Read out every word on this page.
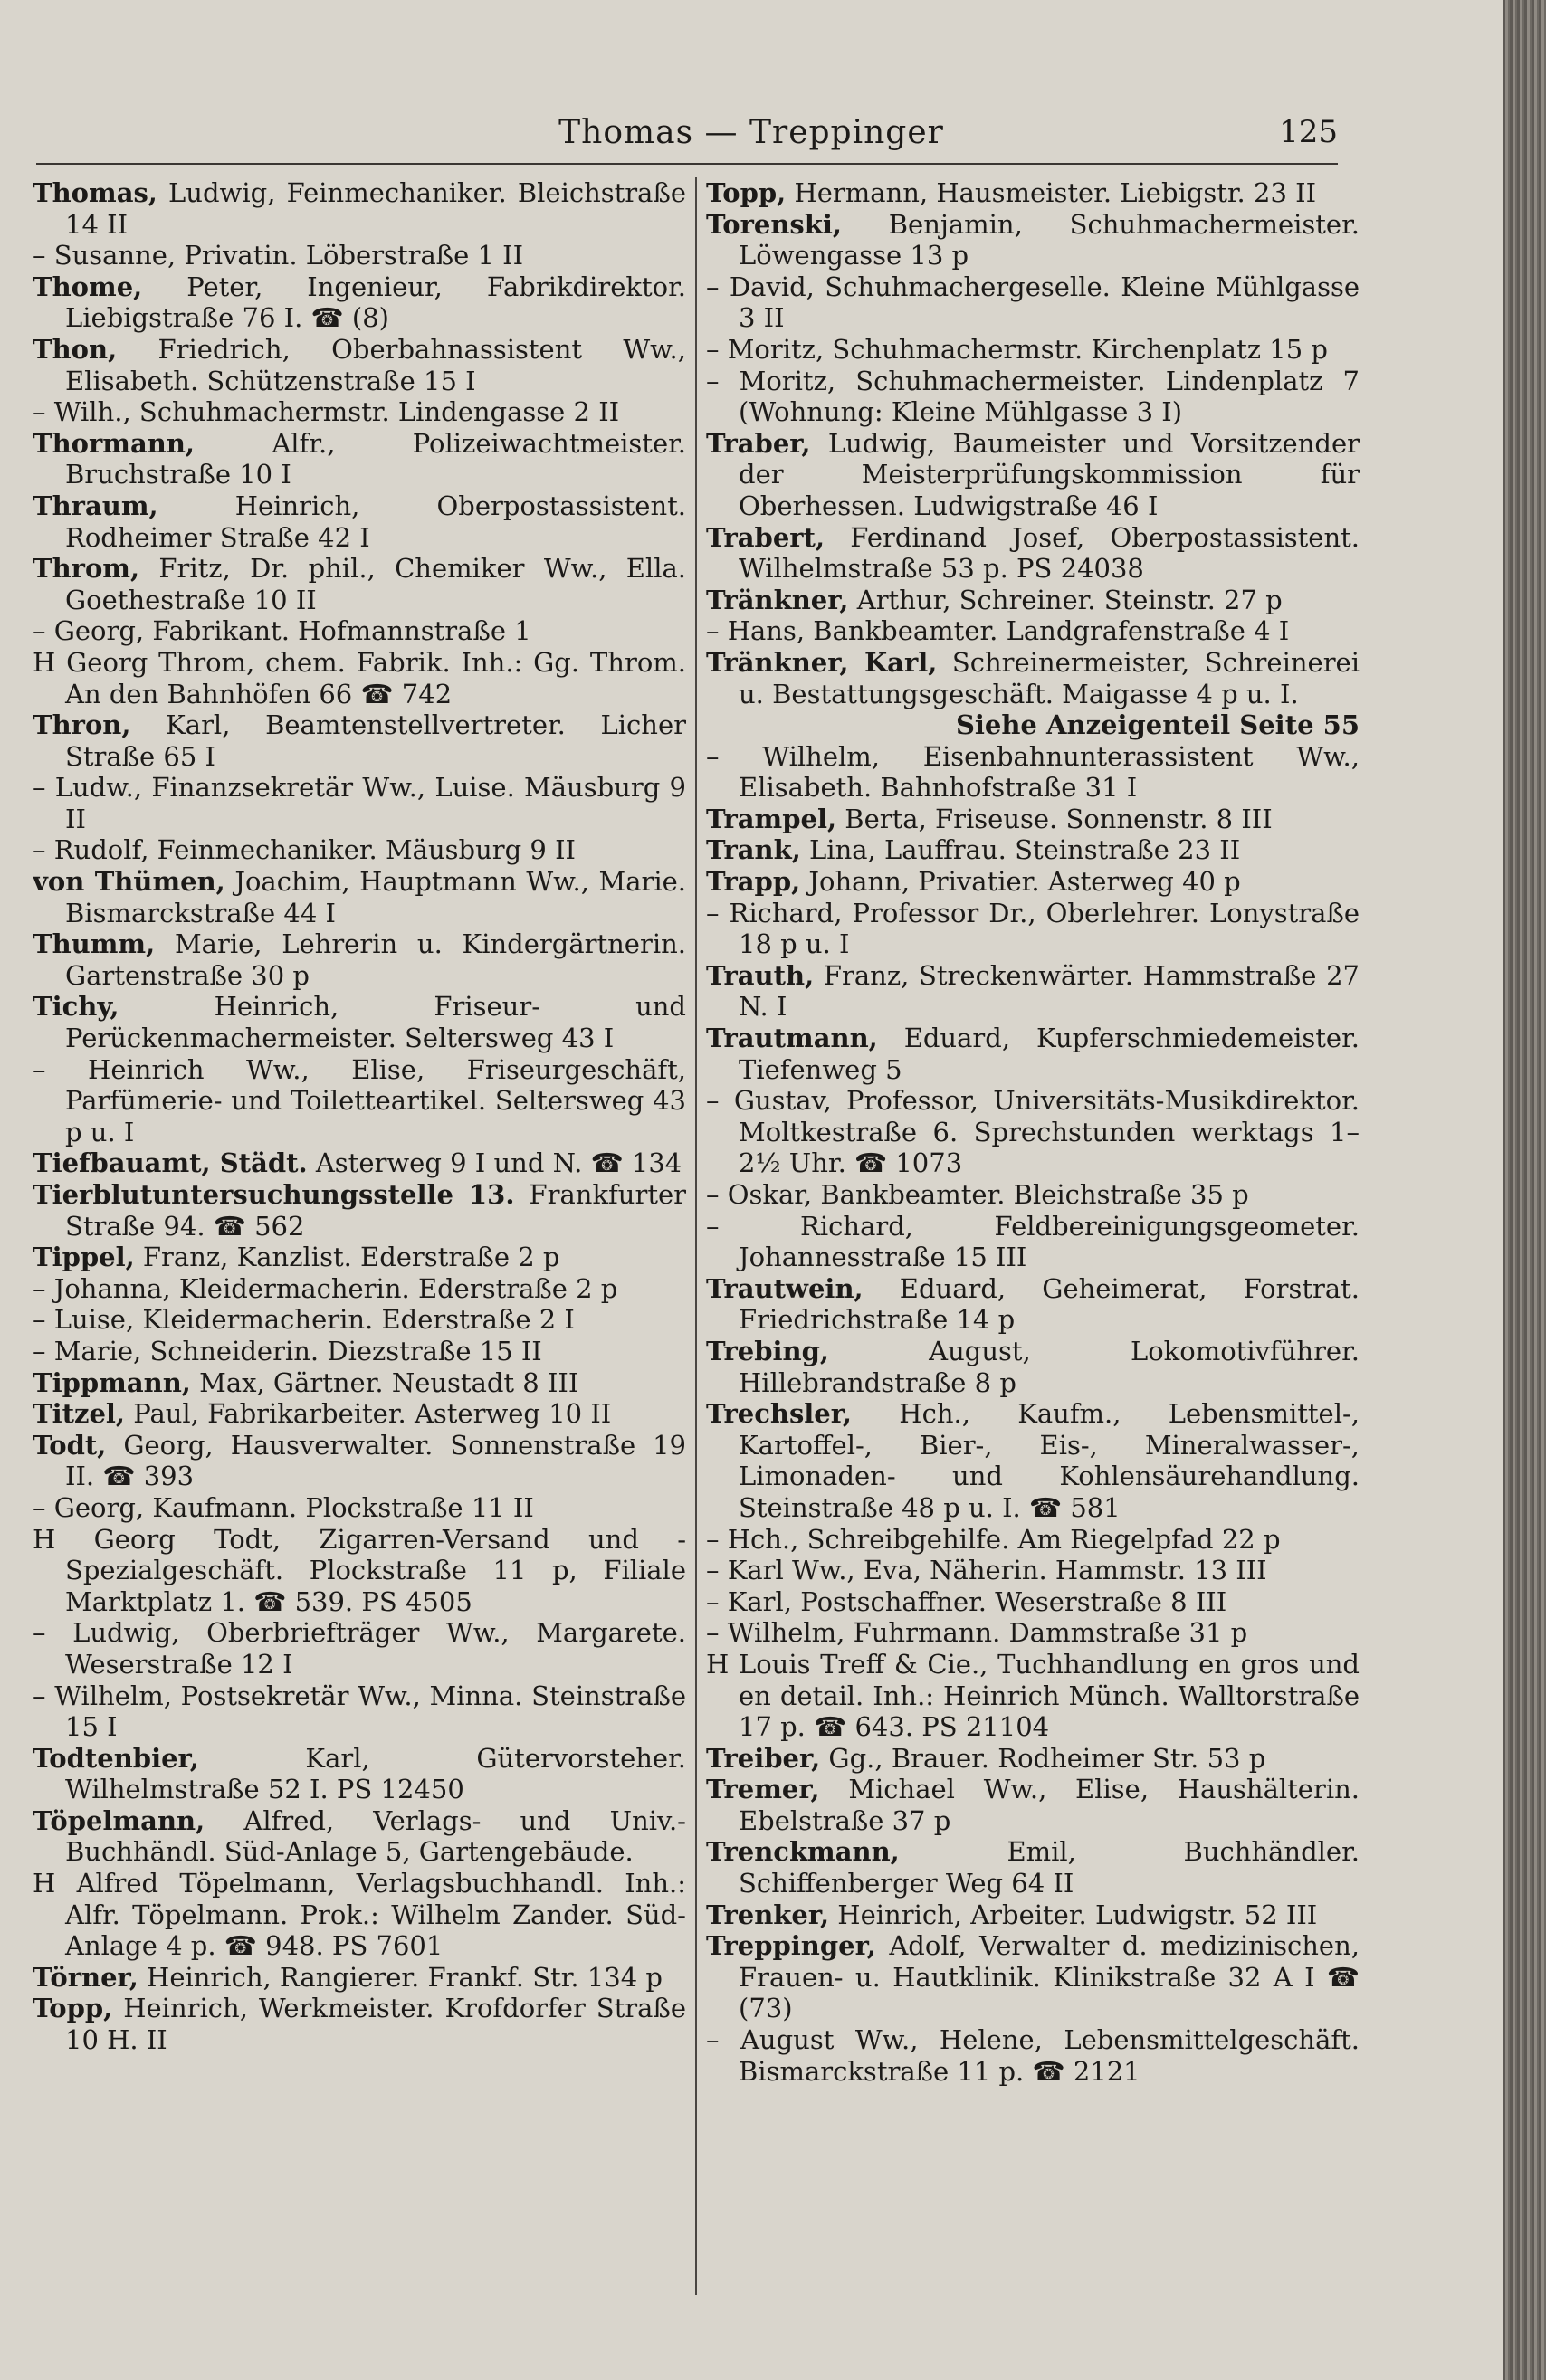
Thomas — Treppinger	125
Thomas, Ludwig, Feinmechaniker. Bleichstraße 14 II
– Susanne, Privatin. Löberstraße 1 II
Thome, Peter, Ingenieur, Fabrikdirektor. Liebigstraße 76 I. ☎ (8)
Thon, Friedrich, Oberbahnassistent Ww., Elisabeth. Schützenstraße 15 I
– Wilh., Schuhmachermstr. Lindengasse 2 II
Thormann, Alfr., Polizeiwachtmeister. Bruchstraße 10 I
Thraum, Heinrich, Oberpostassistent. Rodheimer Straße 42 I
Throm, Fritz, Dr. phil., Chemiker Ww., Ella. Goethestraße 10 II
– Georg, Fabrikant. Hofmannstraße 1
H Georg Throm, chem. Fabrik. Inh.: Gg. Throm. An den Bahnhöfen 66 ☎ 742
Thron, Karl, Beamtenstellvertreter. Licher Straße 65 I
– Ludw., Finanzsekretär Ww., Luise. Mäusburg 9 II
– Rudolf, Feinmechaniker. Mäusburg 9 II
von Thümen, Joachim, Hauptmann Ww., Marie. Bismarckstraße 44 I
Thumm, Marie, Lehrerin u. Kindergärtnerin. Gartenstraße 30 p
Tichy, Heinrich, Friseur- und Perückenmachermeister. Seltersweg 43 I
– Heinrich Ww., Elise, Friseurgeschäft, Parfümerie- und Toiletteartikel. Seltersweg 43 p u. I
Tiefbauamt, Städt. Asterweg 9 I und N. ☎ 134
Tierblutuntersuchungsstelle 13. Frankfurter Straße 94. ☎ 562
Tippel, Franz, Kanzlist. Ederstraße 2 p
– Johanna, Kleidermacherin. Ederstraße 2 p
– Luise, Kleidermacherin. Ederstraße 2 I
– Marie, Schneiderin. Diezstraße 15 II
Tippmann, Max, Gärtner. Neustadt 8 III
Titzel, Paul, Fabrikarbeiter. Asterweg 10 II
Todt, Georg, Hausverwalter. Sonnenstraße 19 II. ☎ 393
– Georg, Kaufmann. Plockstraße 11 II
H Georg Todt, Zigarren-Versand und -Spezialgeschäft. Plockstraße 11 p, Filiale Marktplatz 1. ☎ 539. PS 4505
– Ludwig, Oberbriefträger Ww., Margarete. Weserstraße 12 I
– Wilhelm, Postsekretär Ww., Minna. Steinstraße 15 I
Todtenbier, Karl, Gütervorsteher. Wilhelmstraße 52 I. PS 12450
Töpelmann, Alfred, Verlags- und Univ.-Buchhändl. Süd-Anlage 5, Gartengebäude.
H Alfred Töpelmann, Verlagsbuchhandl. Inh.: Alfr. Töpelmann. Prok.: Wilhelm Zander. Süd-Anlage 4 p. ☎ 948. PS 7601
Törner, Heinrich, Rangierer. Frankf. Str. 134 p
Topp, Heinrich, Werkmeister. Krofdorfer Straße 10 H. II
Topp, Hermann, Hausmeister. Liebigstr. 23 II
Torenski, Benjamin, Schuhmachermeister. Löwengasse 13 p
– David, Schuhmachergeselle. Kleine Mühlgasse 3 II
– Moritz, Schuhmachermstr. Kirchenplatz 15 p
– Moritz, Schuhmachermeister. Lindenplatz 7 (Wohnung: Kleine Mühlgasse 3 I)
Traber, Ludwig, Baumeister und Vorsitzender der Meisterprüfungskommission für Oberhessen. Ludwigstraße 46 I
Trabert, Ferdinand Josef, Oberpostassistent. Wilhelmstraße 53 p. PS 24038
Tränkner, Arthur, Schreiner. Steinstr. 27 p
– Hans, Bankbeamter. Landgrafenstraße 4 I
Tränkner, Karl, Schreinermeister, Schreinerei u. Bestattungsgeschäft. Maigasse 4 p u. I.
Siehe Anzeigenteil Seite 55
– Wilhelm, Eisenbahnunterassistent Ww., Elisabeth. Bahnhofstraße 31 I
Trampel, Berta, Friseuse. Sonnenstr. 8 III
Trank, Lina, Lauffrau. Steinstraße 23 II
Trapp, Johann, Privatier. Asterweg 40 p
– Richard, Professor Dr., Oberlehrer. Lonystraße 18 p u. I
Trauth, Franz, Streckenwärter. Hammstraße 27 N. I
Trautmann, Eduard, Kupferschmiedemeister. Tiefenweg 5
– Gustav, Professor, Universitäts-Musikdirektor. Moltkestraße 6. Sprechstunden werktags 1–2½ Uhr. ☎ 1073
– Oskar, Bankbeamter. Bleichstraße 35 p
– Richard, Feldbereinigungsgeometer. Johannesstraße 15 III
Trautwein, Eduard, Geheimerat, Forstrat. Friedrichstraße 14 p
Trebing, August, Lokomotivführer. Hillebrandstraße 8 p
Trechsler, Hch., Kaufm., Lebensmittel-, Kartoffel-, Bier-, Eis-, Mineralwasser-, Limonaden- und Kohlensäurehandlung. Steinstraße 48 p u. I. ☎ 581
– Hch., Schreibgehilfe. Am Riegelpfad 22 p
– Karl Ww., Eva, Näherin. Hammstr. 13 III
– Karl, Postschaffner. Weserstraße 8 III
– Wilhelm, Fuhrmann. Dammstraße 31 p
H Louis Treff & Cie., Tuchhandlung en gros und en detail. Inh.: Heinrich Münch. Walltorstraße 17 p. ☎ 643. PS 21104
Treiber, Gg., Brauer. Rodheimer Str. 53 p
Tremer, Michael Ww., Elise, Haushälterin. Ebelstraße 37 p
Trenckmann, Emil, Buchhändler. Schiffenberger Weg 64 II
Trenker, Heinrich, Arbeiter. Ludwigstr. 52 III
Treppinger, Adolf, Verwalter d. medizinischen, Frauen- u. Hautklinik. Klinikstraße 32 A I ☎ (73)
– August Ww., Helene, Lebensmittelgeschäft. Bismarckstraße 11 p. ☎ 2121
